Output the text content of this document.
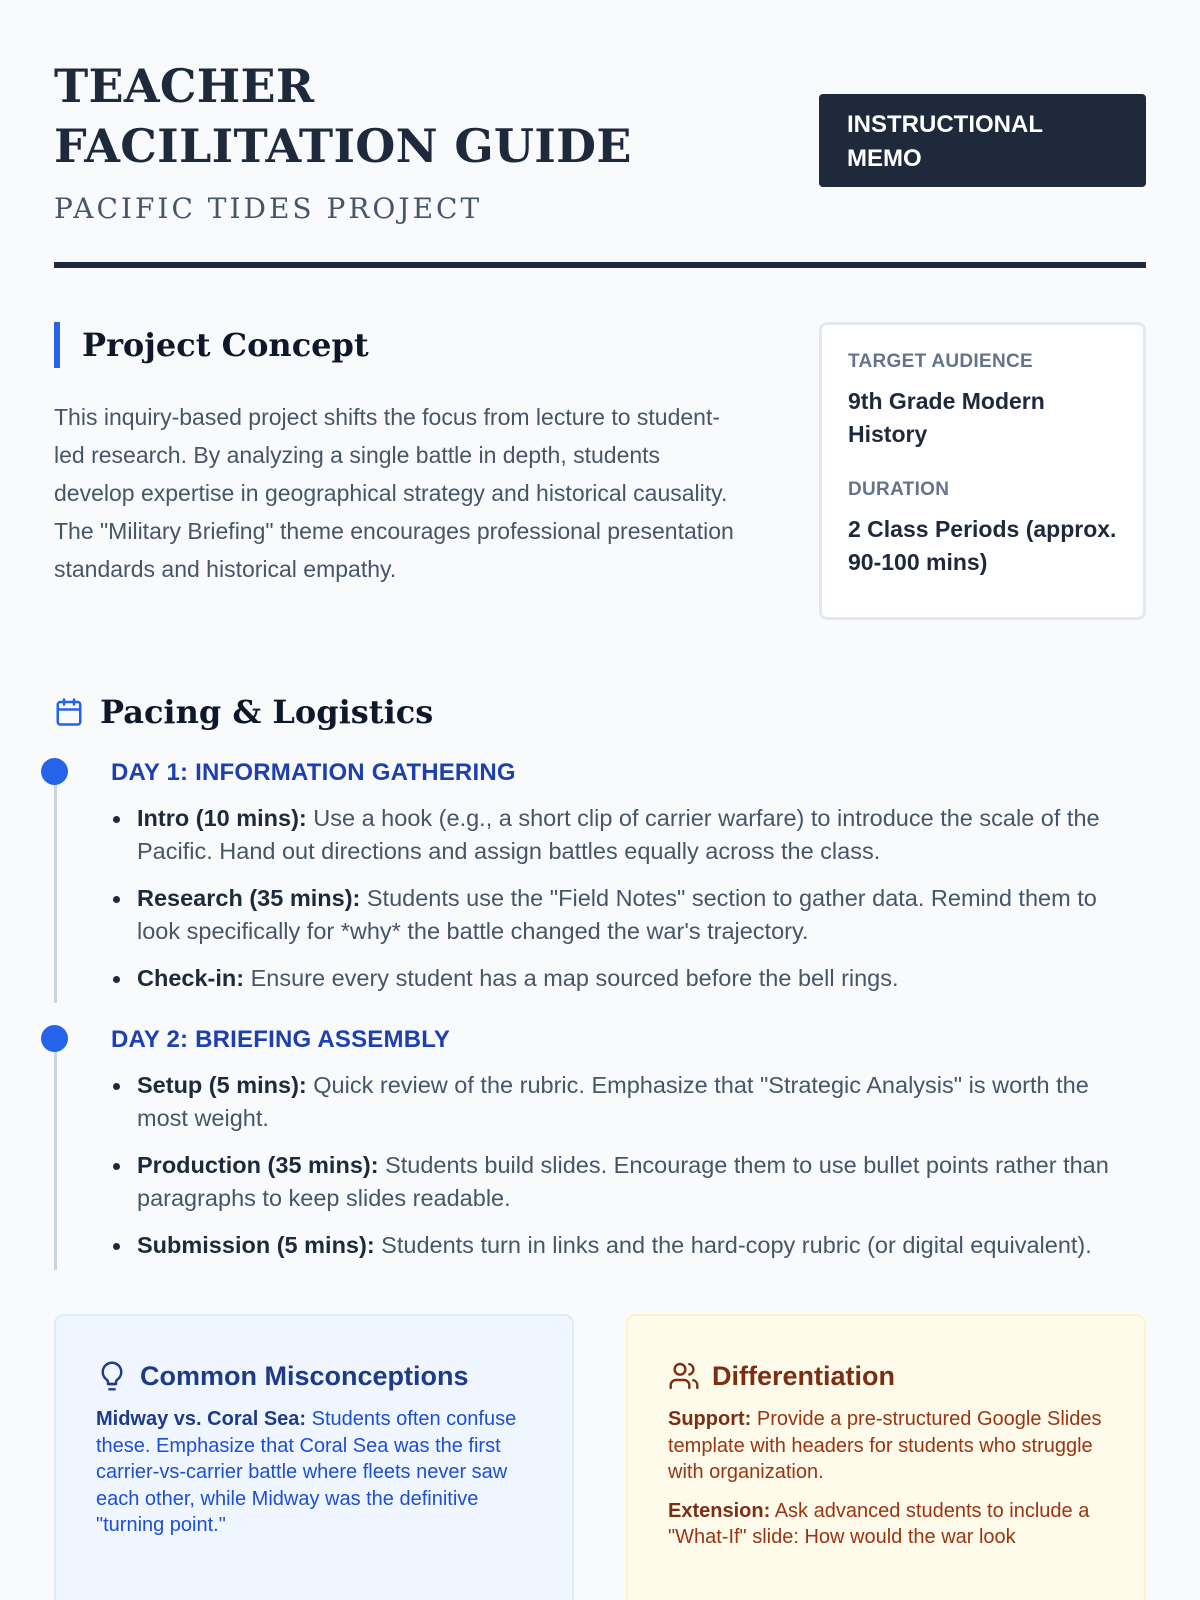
TEACHER FACILITATION GUIDE
PACIFIC TIDES PROJECT
INSTRUCTIONAL MEMO
Project Concept

This inquiry-based project shifts the focus from lecture to student-led research. By analyzing a single battle in depth, students develop expertise in geographical strategy and historical causality. The "Military Briefing" theme encourages professional presentation standards and historical empathy.

TARGET AUDIENCE
9th Grade Modern History
DURATION
2 Class Periods (approx. 90-100 mins)
Pacing & Logistics
DAY 1: INFORMATION GATHERING
Intro (10 mins): Use a hook (e.g., a short clip of carrier warfare) to introduce the scale of the Pacific. Hand out directions and assign battles equally across the class.
Research (35 mins): Students use the "Field Notes" section to gather data. Remind them to look specifically for *why* the battle changed the war's trajectory.
Check-in: Ensure every student has a map sourced before the bell rings.
DAY 2: BRIEFING ASSEMBLY
Setup (5 mins): Quick review of the rubric. Emphasize that "Strategic Analysis" is worth the most weight.
Production (35 mins): Students build slides. Encourage them to use bullet points rather than paragraphs to keep slides readable.
Submission (5 mins): Students turn in links and the hard-copy rubric (or digital equivalent).
Common Misconceptions

Midway vs. Coral Sea: Students often confuse these. Emphasize that Coral Sea was the first carrier-vs-carrier battle where fleets never saw each other, while Midway was the definitive "turning point."

Differentiation

Support: Provide a pre-structured Google Slides template with headers for students who struggle with organization.

Extension: Ask advanced students to include a "What-If" slide: How would the war look
